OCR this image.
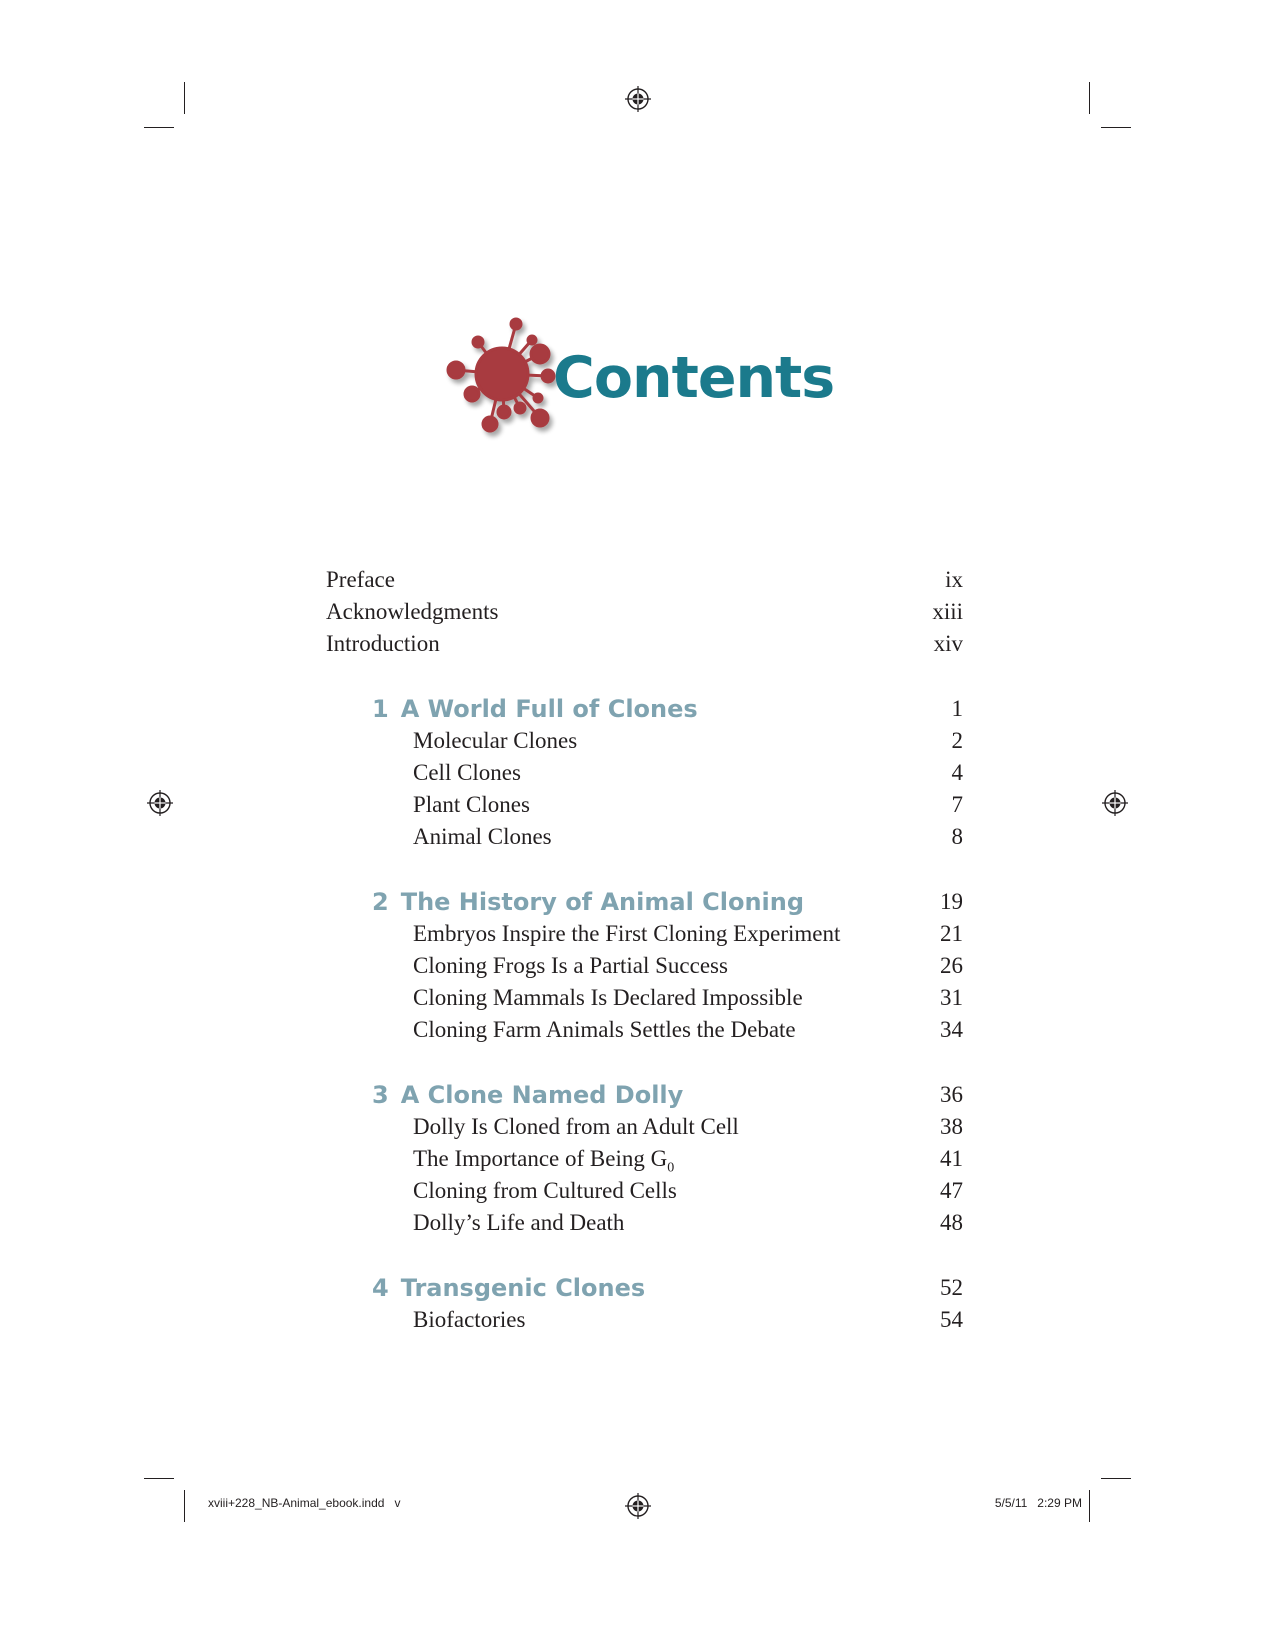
Contents
Preface	ix
Acknowledgments	xiii
Introduction	xiv
1 A World Full of Clones	1
Molecular Clones	2
Cell Clones	4
Plant Clones	7
Animal Clones	8
2 The History of Animal Cloning	19
Embryos Inspire the First Cloning Experiment	21
Cloning Frogs Is a Partial Success	26
Cloning Mammals Is Declared Impossible	31
Cloning Farm Animals Settles the Debate	34
3 A Clone Named Dolly	36
Dolly Is Cloned from an Adult Cell	38
The Importance of Being $G_0$	41
Cloning from Cultured Cells	47
Dolly’s Life and Death	48
4 Transgenic Clones	52
Biofactories	54
xviii+228_NB-Animal_ebook.indd   v	5/5/11   2:29 PM
